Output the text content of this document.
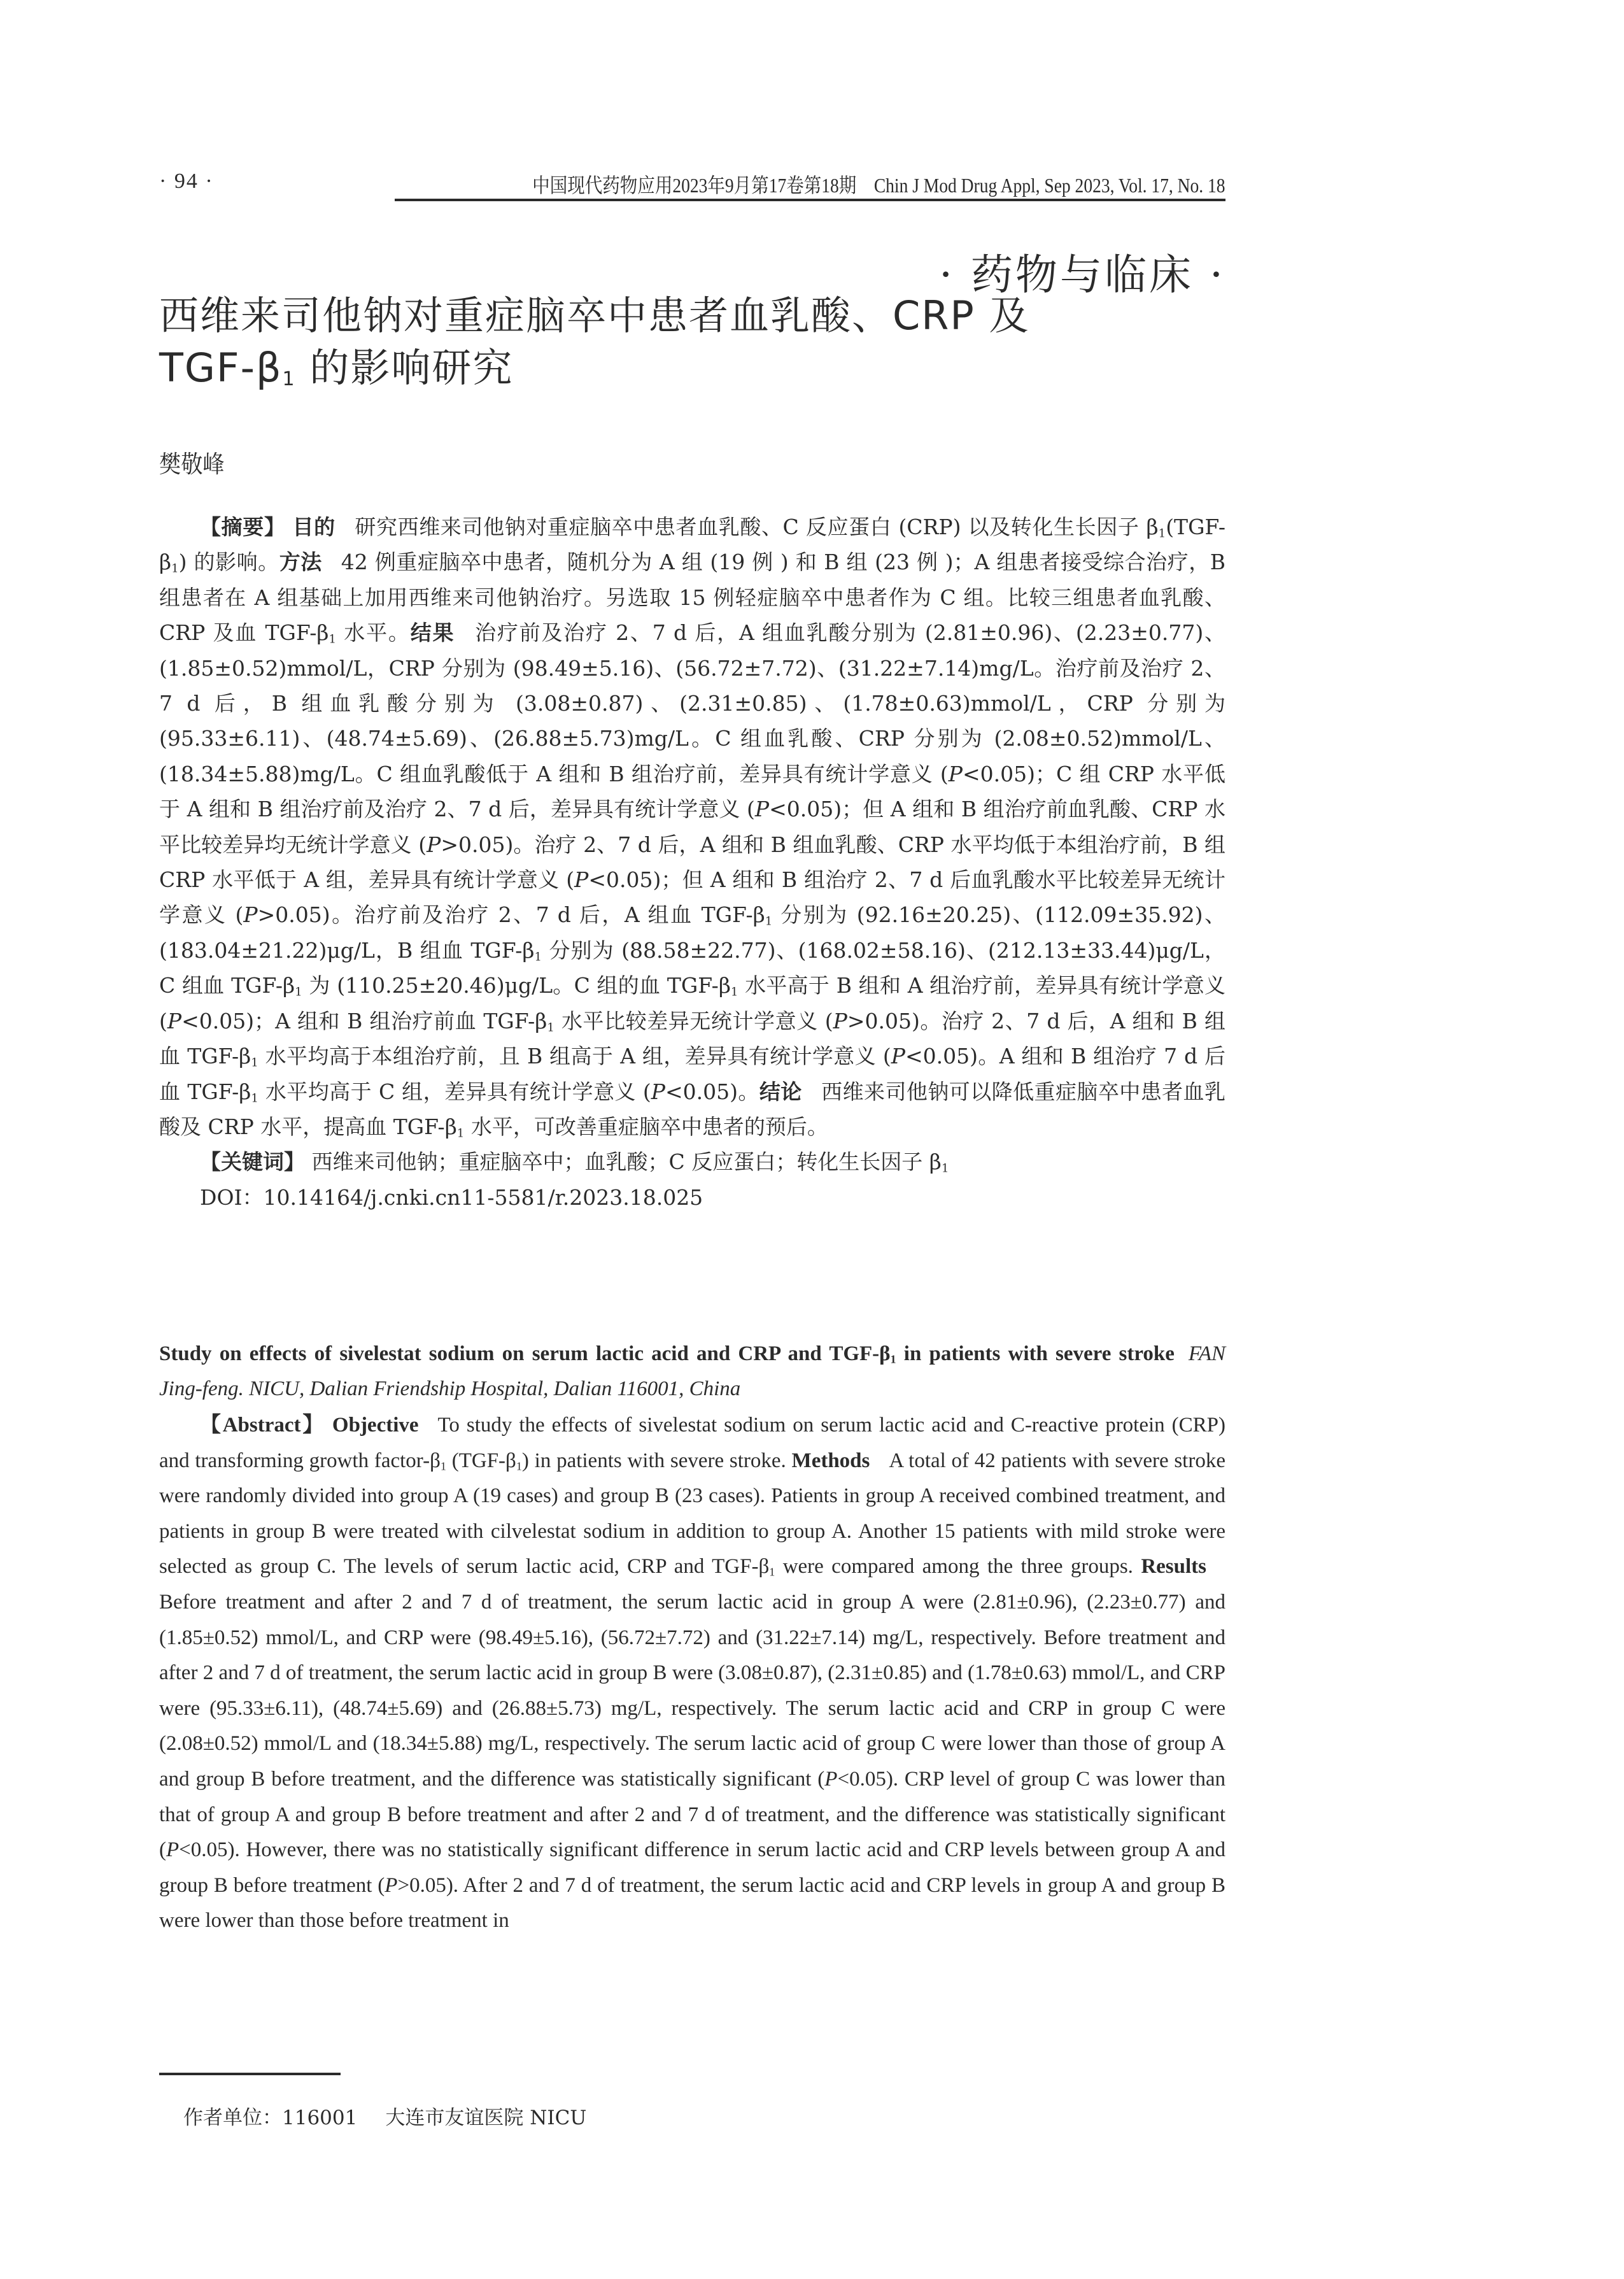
· 94 ·	中国现代药物应用2023年9月第17卷第18期　Chin J Mod Drug Appl, Sep 2023, Vol. 17, No. 18
· 药物与临床 ·
西维来司他钠对重症脑卒中患者血乳酸、CRP 及
TGF-$\beta_1$ 的影响研究
樊敬峰

【摘要】 目的 研究西维来司他钠对重症脑卒中患者血乳酸、C 反应蛋白 (CRP) 以及转化生长因子 $\beta_1(TGF-\beta_1)$ 的影响。方法 42 例重症脑卒中患者，随机分为 A 组 (19 例 ) 和 B 组 (23 例 )；A 组患者接受综合治疗，B 组患者在 A 组基础上加用西维来司他钠治疗。另选取 15 例轻症脑卒中患者作为 C 组。比较三组患者血乳酸、CRP 及血 TGF-$\beta_1$ 水平。结果 治疗前及治疗 2、7 d 后，A 组血乳酸分别为 (2.81±0.96)、(2.23±0.77)、(1.85±0.52)mmol/L，CRP 分别为 (98.49±5.16)、(56.72±7.72)、(31.22±7.14)mg/L。治疗前及治疗 2、7 d 后，B 组血乳酸分别为 (3.08±0.87)、(2.31±0.85)、(1.78±0.63)mmol/L，CRP 分别为 (95.33±6.11)、(48.74±5.69)、(26.88±5.73)mg/L。C 组血乳酸、CRP 分别为 (2.08±0.52)mmol/L、(18.34±5.88)mg/L。C 组血乳酸低于 A 组和 B 组治疗前，差异具有统计学意义 (P<0.05)；C 组 CRP 水平低于 A 组和 B 组治疗前及治疗 2、7 d 后，差异具有统计学意义 (P<0.05)；但 A 组和 B 组治疗前血乳酸、CRP 水平比较差异均无统计学意义 (P>0.05)。治疗 2、7 d 后，A 组和 B 组血乳酸、CRP 水平均低于本组治疗前，B 组 CRP 水平低于 A 组，差异具有统计学意义 (P<0.05)；但 A 组和 B 组治疗 2、7 d 后血乳酸水平比较差异无统计学意义 (P>0.05)。治疗前及治疗 2、7 d 后，A 组血 TGF-$\beta_1$ 分别为 (92.16±20.25)、(112.09±35.92)、(183.04±21.22)μg/L，B 组血 TGF-$\beta_1$ 分别为 (88.58±22.77)、(168.02±58.16)、(212.13±33.44)μg/L，C 组血 TGF-$\beta_1$ 为 (110.25±20.46)μg/L。C 组的血 TGF-$\beta_1$ 水平高于 B 组和 A 组治疗前，差异具有统计学意义 (P<0.05)；A 组和 B 组治疗前血 TGF-$\beta_1$ 水平比较差异无统计学意义 (P>0.05)。治疗 2、7 d 后，A 组和 B 组血 TGF-$\beta_1$ 水平均高于本组治疗前，且 B 组高于 A 组，差异具有统计学意义 (P<0.05)。A 组和 B 组治疗 7 d 后血 TGF-$\beta_1$ 水平均高于 C 组，差异具有统计学意义 (P<0.05)。结论 西维来司他钠可以降低重症脑卒中患者血乳酸及 CRP 水平，提高血 TGF-$\beta_1$ 水平，可改善重症脑卒中患者的预后。

【关键词】 西维来司他钠；重症脑卒中；血乳酸；C 反应蛋白；转化生长因子 $\beta_1$

DOI：10.14164/j.cnki.cn11-5581/r.2023.18.025

Study on effects of sivelestat sodium on serum lactic acid and CRP and TGF-$\beta_1$ in patients with severe stroke FAN Jing-feng. NICU, Dalian Friendship Hospital, Dalian 116001, China

【Abstract】 Objective To study the effects of sivelestat sodium on serum lactic acid and C-reactive protein (CRP) and transforming growth factor-$\beta_1$ $(TGF-\beta_1)$ in patients with severe stroke. Methods A total of 42 patients with severe stroke were randomly divided into group A (19 cases) and group B (23 cases). Patients in group A received combined treatment, and patients in group B were treated with cilvelestat sodium in addition to group A. Another 15 patients with mild stroke were selected as group C. The levels of serum lactic acid, CRP and TGF-$\beta_1$ were compared among the three groups. ResultsBefore treatment and after 2 and 7 d of treatment, the serum lactic acid in group A were (2.81±0.96), (2.23±0.77) and (1.85±0.52) mmol/L, and CRP were (98.49±5.16), (56.72±7.72) and (31.22±7.14) mg/L, respectively. Before treatment and after 2 and 7 d of treatment, the serum lactic acid in group B were (3.08±0.87), (2.31±0.85) and (1.78±0.63) mmol/L, and CRP were (95.33±6.11), (48.74±5.69) and (26.88±5.73) mg/L, respectively. The serum lactic acid and CRP in group C were (2.08±0.52) mmol/L and (18.34±5.88) mg/L, respectively. The serum lactic acid of group C were lower than those of group A and group B before treatment, and the difference was statistically significant (P<0.05). CRP level of group C was lower than that of group A and group B before treatment and after 2 and 7 d of treatment, and the difference was statistically significant (P<0.05). However, there was no statistically significant difference in serum lactic acid and CRP levels between group A and group B before treatment (P>0.05). After 2 and 7 d of treatment, the serum lactic acid and CRP levels in group A and group B were lower than those before treatment in

作者单位：116001 大连市友谊医院 NICU
